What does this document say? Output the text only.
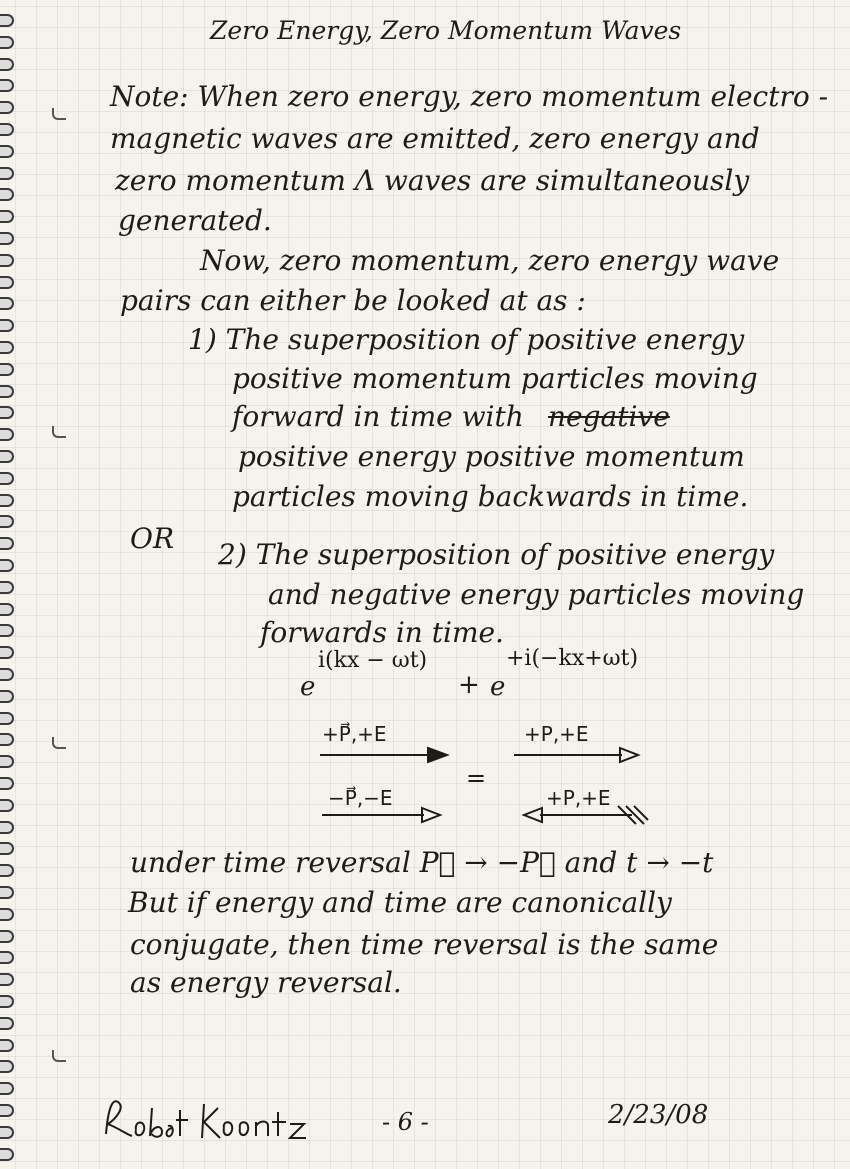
Zero Energy, Zero Momentum Waves
Note: When zero energy, zero momentum electro -
magnetic waves are emitted, zero energy and
zero momentum Λ waves are simultaneously
generated.
Now, zero momentum, zero energy wave
pairs can either be looked at as :
1) The superposition of positive energy
positive momentum particles moving
forward in time with negative
positive energy positive momentum
particles moving backwards in time.
OR 2) The superposition of positive energy
and negative energy particles moving
forwards in time.
e
i(kx − ωt)
+ e
+i(−kx+ωt)
+P⃗,+E	+P,+E
=
−P⃗,−E	+P,+E
under time reversal P⃗ → −P⃗ and t → −t
But if energy and time are canonically
conjugate, then time reversal is the same
as energy reversal.
- 6 -	2/23/08
